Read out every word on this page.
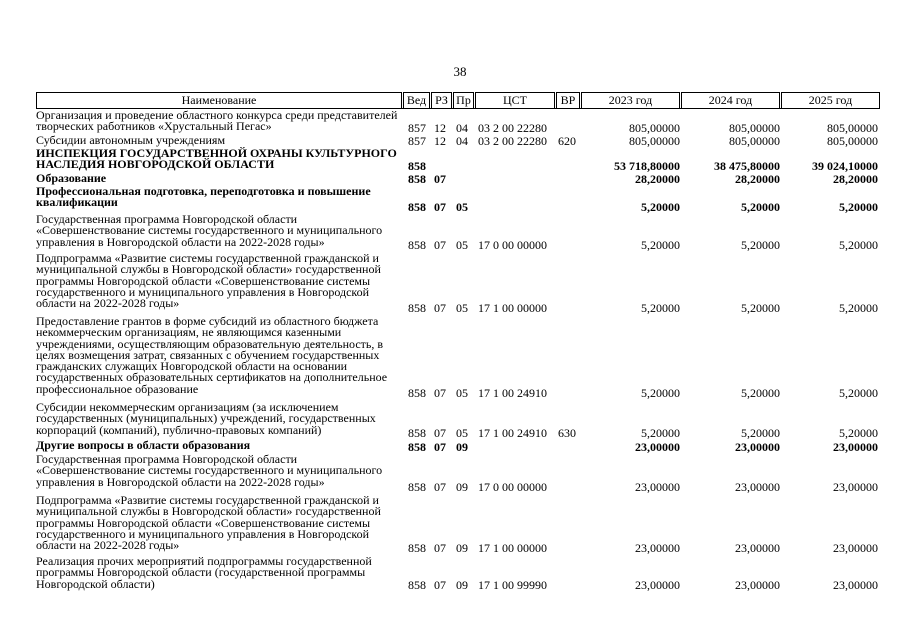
38
Наименование	Вед РЗ Пр	ЦСТ	ВР	2023 год	2024 год	2025 год
Организация и проведение областного конкурса среди представителей творческих работников «Хрустальный Пегас»	857 12 04 03 2 00 22280	805,00000	805,00000	805,00000
Субсидии автономным учреждениям	857 12 04 03 2 00 22280 620	805,00000	805,00000	805,00000
ИНСПЕКЦИЯ ГОСУДАРСТВЕННОЙ ОХРАНЫ КУЛЬТУРНОГО НАСЛЕДИЯ НОВГОРОДСКОЙ ОБЛАСТИ	858	53 718,80000	38 475,80000	39 024,10000
Образование	858 07	28,20000	28,20000	28,20000
Профессиональная подготовка, переподготовка и повышение квалификации	858 07 05	5,20000	5,20000	5,20000
Государственная программа Новгородской области «Совершенствование системы государственного и муниципального управления в Новгородской области на 2022-2028 годы»	858 07 05 17 0 00 00000	5,20000	5,20000	5,20000
Подпрограмма «Развитие системы государственной гражданской и муниципальной службы в Новгородской области» государственной программы Новгородской области «Совершенствование системы государственного и муниципального управления в Новгородской области на 2022-2028 годы»	858 07 05 17 1 00 00000	5,20000	5,20000	5,20000
Предоставление грантов в форме субсидий из областного бюджета некоммерческим организациям, не являющимся казенными учреждениями, осуществляющим образовательную деятельность, в целях возмещения затрат, связанных с обучением государственных гражданских служащих Новгородской области на основании государственных образовательных сертификатов на дополнительное профессиональное образование	858 07 05 17 1 00 24910	5,20000	5,20000	5,20000
Субсидии некоммерческим организациям (за исключением государственных (муниципальных) учреждений, государственных корпораций (компаний), публично-правовых компаний)	858 07 05 17 1 00 24910 630	5,20000	5,20000	5,20000
Другие вопросы в области образования	858 07 09	23,00000	23,00000	23,00000
Государственная программа Новгородской области «Совершенствование системы государственного и муниципального управления в Новгородской области на 2022-2028 годы»	858 07 09 17 0 00 00000	23,00000	23,00000	23,00000
Подпрограмма «Развитие системы государственной гражданской и муниципальной службы в Новгородской области» государственной программы Новгородской области «Совершенствование системы государственного и муниципального управления в Новгородской области на 2022-2028 годы»	858 07 09 17 1 00 00000	23,00000	23,00000	23,00000
Реализация прочих мероприятий подпрограммы государственной программы Новгородской области (государственной программы Новгородской области)	858 07 09 17 1 00 99990	23,00000	23,00000	23,00000
